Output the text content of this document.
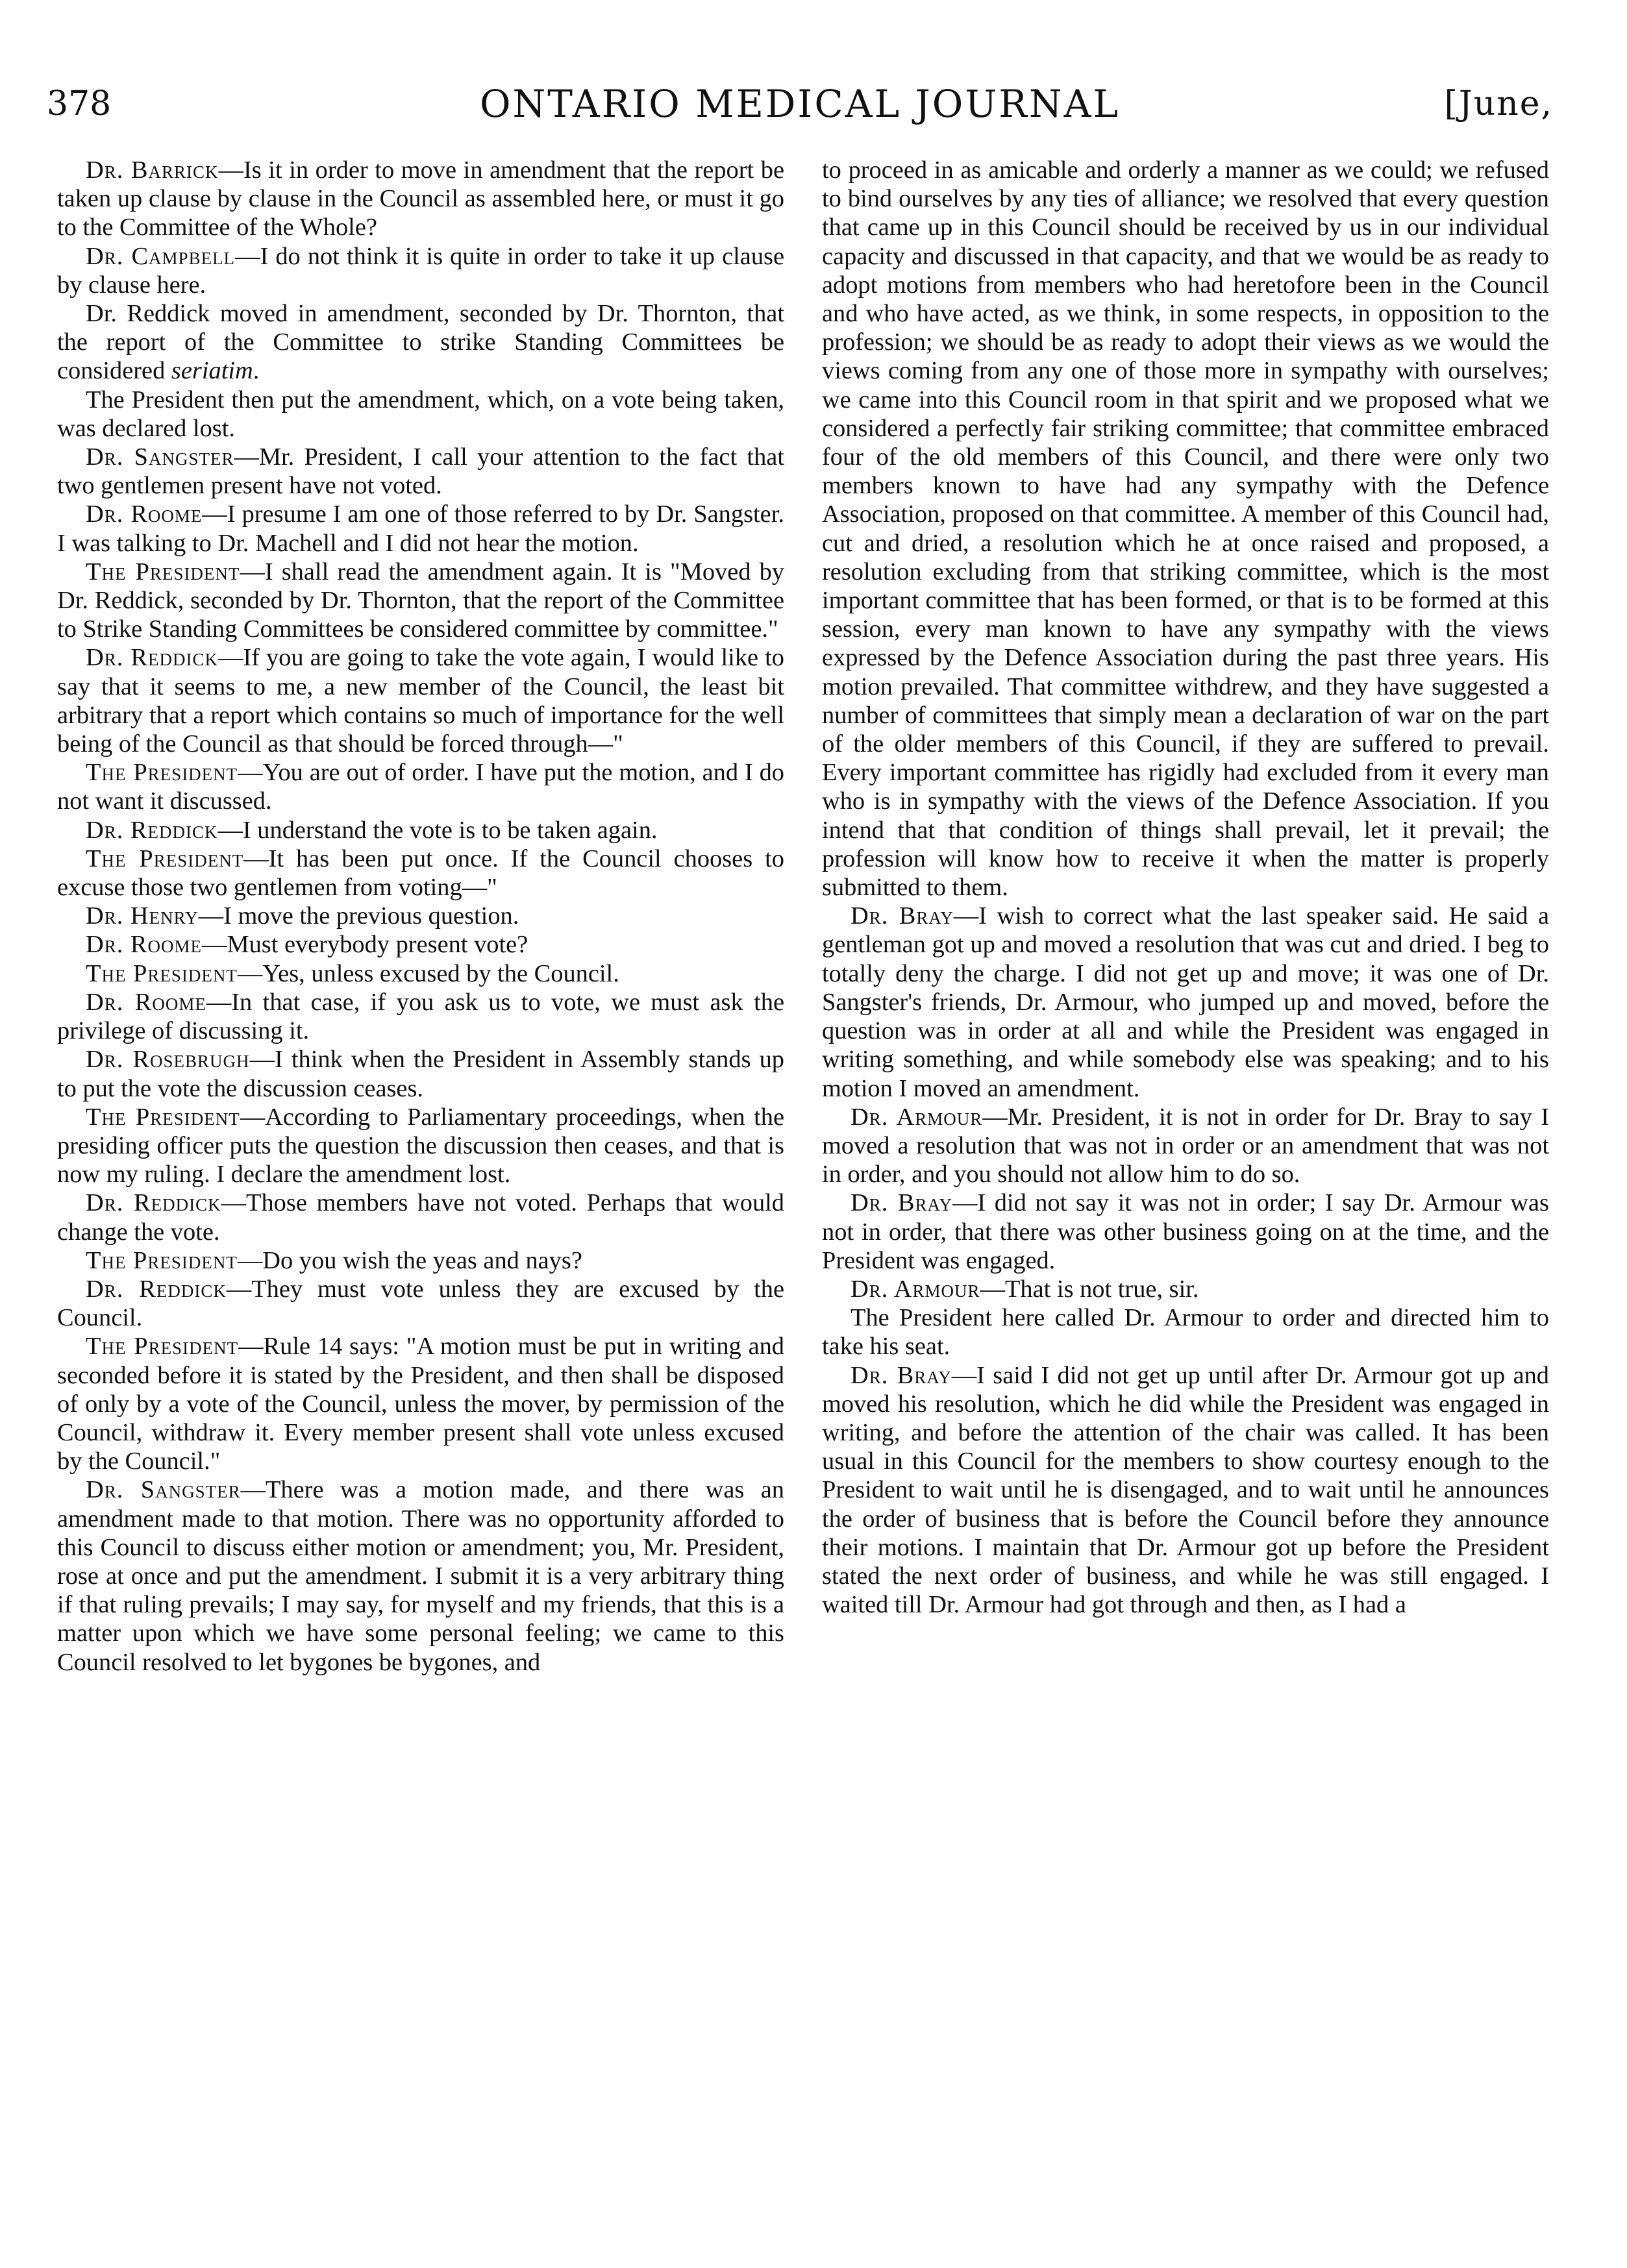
378	ONTARIO MEDICAL JOURNAL	[June,

Dr. Barrick—Is it in order to move in amendment that the report be taken up clause by clause in the Council as assembled here, or must it go to the Committee of the Whole?

Dr. Campbell—I do not think it is quite in order to take it up clause by clause here.

Dr. Reddick moved in amendment, seconded by Dr. Thornton, that the report of the Committee to strike Standing Committees be considered seriatim.

The President then put the amendment, which, on a vote being taken, was declared lost.

Dr. Sangster—Mr. President, I call your attention to the fact that two gentlemen present have not voted.

Dr. Roome—I presume I am one of those referred to by Dr. Sangster. I was talking to Dr. Machell and I did not hear the motion.

The President—I shall read the amendment again. It is "Moved by Dr. Reddick, seconded by Dr. Thornton, that the report of the Committee to Strike Standing Committees be considered committee by committee."

Dr. Reddick—If you are going to take the vote again, I would like to say that it seems to me, a new member of the Council, the least bit arbitrary that a report which contains so much of importance for the well being of the Council as that should be forced through—"

The President—You are out of order. I have put the motion, and I do not want it discussed.

Dr. Reddick—I understand the vote is to be taken again.

The President—It has been put once. If the Council chooses to excuse those two gentlemen from voting—"

Dr. Henry—I move the previous question.

Dr. Roome—Must everybody present vote?

The President—Yes, unless excused by the Council.

Dr. Roome—In that case, if you ask us to vote, we must ask the privilege of discussing it.

Dr. Rosebrugh—I think when the President in Assembly stands up to put the vote the discussion ceases.

The President—According to Parliamentary proceedings, when the presiding officer puts the question the discussion then ceases, and that is now my ruling. I declare the amendment lost.

Dr. Reddick—Those members have not voted. Perhaps that would change the vote.

The President—Do you wish the yeas and nays?

Dr. Reddick—They must vote unless they are excused by the Council.

The President—Rule 14 says: "A motion must be put in writing and seconded before it is stated by the President, and then shall be disposed of only by a vote of the Council, unless the mover, by permission of the Council, withdraw it. Every member present shall vote unless excused by the Council."

Dr. Sangster—There was a motion made, and there was an amendment made to that motion. There was no opportunity afforded to this Council to discuss either motion or amendment; you, Mr. President, rose at once and put the amendment. I submit it is a very arbitrary thing if that ruling prevails; I may say, for myself and my friends, that this is a matter upon which we have some personal feeling; we came to this Council resolved to let bygones be bygones, and

to proceed in as amicable and orderly a manner as we could; we refused to bind ourselves by any ties of alliance; we resolved that every question that came up in this Council should be received by us in our individual capacity and discussed in that capacity, and that we would be as ready to adopt motions from members who had heretofore been in the Council and who have acted, as we think, in some respects, in opposition to the profession; we should be as ready to adopt their views as we would the views coming from any one of those more in sympathy with ourselves; we came into this Council room in that spirit and we proposed what we considered a perfectly fair striking committee; that committee embraced four of the old members of this Council, and there were only two members known to have had any sympathy with the Defence Association, proposed on that committee. A member of this Council had, cut and dried, a resolution which he at once raised and proposed, a resolution excluding from that striking committee, which is the most important committee that has been formed, or that is to be formed at this session, every man known to have any sympathy with the views expressed by the Defence Association during the past three years. His motion prevailed. That committee withdrew, and they have suggested a number of committees that simply mean a declaration of war on the part of the older members of this Council, if they are suffered to prevail. Every important committee has rigidly had excluded from it every man who is in sympathy with the views of the Defence Association. If you intend that that condition of things shall prevail, let it prevail; the profession will know how to receive it when the matter is properly submitted to them.

Dr. Bray—I wish to correct what the last speaker said. He said a gentleman got up and moved a resolution that was cut and dried. I beg to totally deny the charge. I did not get up and move; it was one of Dr. Sangster's friends, Dr. Armour, who jumped up and moved, before the question was in order at all and while the President was engaged in writing something, and while somebody else was speaking; and to his motion I moved an amendment.

Dr. Armour—Mr. President, it is not in order for Dr. Bray to say I moved a resolution that was not in order or an amendment that was not in order, and you should not allow him to do so.

Dr. Bray—I did not say it was not in order; I say Dr. Armour was not in order, that there was other business going on at the time, and the President was engaged.

Dr. Armour—That is not true, sir.

The President here called Dr. Armour to order and directed him to take his seat.

Dr. Bray—I said I did not get up until after Dr. Armour got up and moved his resolution, which he did while the President was engaged in writing, and before the attention of the chair was called. It has been usual in this Council for the members to show courtesy enough to the President to wait until he is disengaged, and to wait until he announces the order of business that is before the Council before they announce their motions. I maintain that Dr. Armour got up before the President stated the next order of business, and while he was still engaged. I waited till Dr. Armour had got through and then, as I had a
